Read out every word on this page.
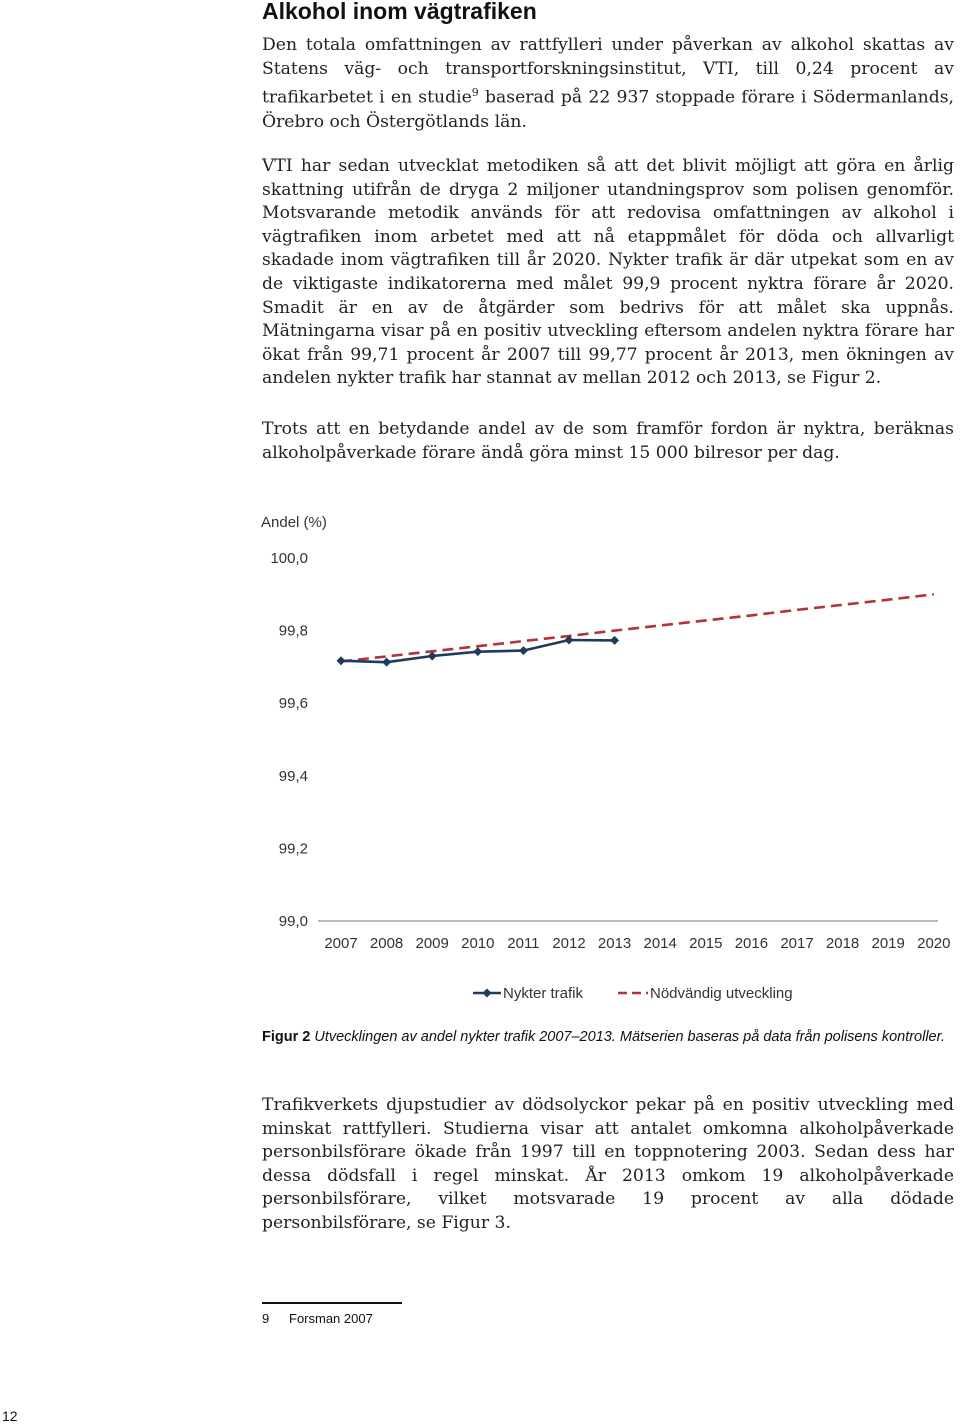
Alkohol inom vägtrafiken

Den totala omfattningen av rattfylleri under påverkan av alkohol skattas av Statens väg- och transportforskningsinstitut, VTI, till 0,24 procent av trafikarbetet i en studie$^9$ baserad på 22 937 stoppade förare i Södermanlands, Örebro och Östergötlands län.

VTI har sedan utvecklat metodiken så att det blivit möjligt att göra en årlig skattning utifrån de dryga 2 miljoner utandningsprov som polisen genomför. Motsvarande metodik används för att redovisa omfattningen av alkohol i vägtrafiken inom arbetet med att nå etappmålet för döda och allvarligt skadade inom vägtrafiken till år 2020. Nykter trafik är där utpekat som en av de viktigaste indikatorerna med målet 99,9 procent nyktra förare år 2020. Smadit är en av de åtgärder som bedrivs för att målet ska uppnås. Mätningarna visar på en positiv utveckling eftersom andelen nyktra förare har ökat från 99,71 procent år 2007 till 99,77 procent år 2013, men ökningen av andelen nykter trafik har stannat av mellan 2012 och 2013, se Figur 2.

Trots att en betydande andel av de som framför fordon är nyktra, beräknas alkoholpåverkade förare ändå göra minst 15 000 bilresor per dag.

Andel (%)
100,0
99,8
99,6
99,4
99,2
99,0
2007 2008 2009 2010 2011 2012 2013 2014 2015 2016 2017 2018 2019 2020
Nykter trafik	Nödvändig utveckling

Figur 2 Utvecklingen av andel nykter trafik 2007–2013. Mätserien baseras på data från polisens kontroller.

Trafikverkets djupstudier av dödsolyckor pekar på en positiv utveckling med minskat rattfylleri. Studierna visar att antalet omkomna alkoholpåverkade personbilsförare ökade från 1997 till en toppnotering 2003. Sedan dess har dessa dödsfall i regel minskat. År 2013 omkom 19 alkoholpåverkade personbilsförare, vilket motsvarade 19 procent av alla dödade personbilsförare, se Figur 3.

9 Forsman 2007
12
